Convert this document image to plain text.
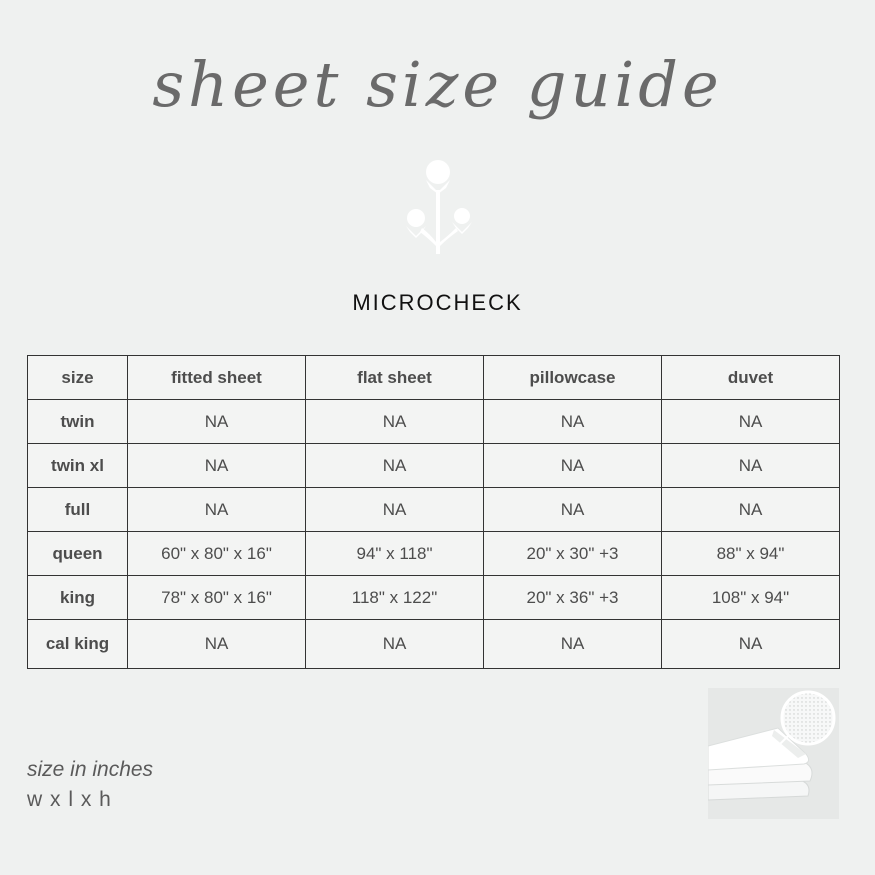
sheet size guide
MICROCHECK
size	fitted sheet	flat sheet	pillowcase	duvet
twin	NA	NA	NA	NA
twin xl	NA	NA	NA	NA
full	NA	NA	NA	NA
queen	60" x 80" x 16"	94" x 118"	20" x 30" +3	88" x 94"
king	78" x 80" x 16"	118" x 122"	20" x 36" +3	108" x 94"
cal king	NA	NA	NA	NA
size in inches
w x l x h
